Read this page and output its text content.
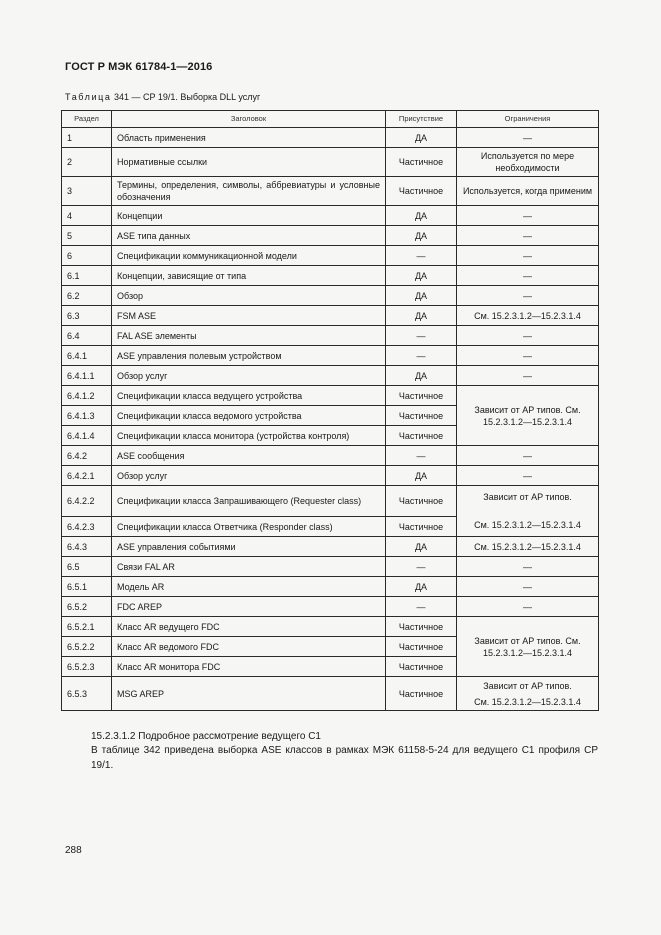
ГОСТ Р МЭК 61784-1—2016
Таблица 341 — CP 19/1. Выборка DLL услуг
Раздел	Заголовок	Присутствие	Ограничения
1	Область применения	ДА	—
2	Нормативные ссылки	Частичное	Используется по мере необходимости
3	Термины, определения, символы, аббревиатуры и условные обозначения	Частичное	Используется, когда применим
4	Концепции	ДА	—
5	ASE типа данных	ДА	—
6	Спецификации коммуникационной модели	—	—
6.1	Концепции, зависящие от типа	ДА	—
6.2	Обзор	ДА	—
6.3	FSM ASE	ДА	См. 15.2.3.1.2—15.2.3.1.4
6.4	FAL ASE элементы	—	—
6.4.1	ASE управления полевым устройством	—	—
6.4.1.1	Обзор услуг	ДА	—
6.4.1.2	Спецификации класса ведущего устройства	Частичное	Зависит от AP типов. См. 15.2.3.1.2—15.2.3.1.4
6.4.1.3	Спецификации класса ведомого устройства	Частичное	
6.4.1.4	Спецификации класса монитора (устройства контроля)	Частичное	
6.4.2	ASE сообщения	—	—
6.4.2.1	Обзор услуг	ДА	—
6.4.2.2	Спецификации класса Запрашивающего (Requester class)	Частичное	Зависит от AP типов.
См. 15.2.3.1.2—15.2.3.1.4

6.4.2.3	Спецификации класса Ответчика (Responder class)	Частичное	
6.4.3	ASE управления событиями	ДА	См. 15.2.3.1.2—15.2.3.1.4
6.5	Связи FAL AR	—	—
6.5.1	Модель AR	ДА	—
6.5.2	FDC AREP	—	—
6.5.2.1	Класс AR ведущего FDC	Частичное	Зависит от AP типов. См. 15.2.3.1.2—15.2.3.1.4
6.5.2.2	Класс AR ведомого FDC	Частичное	
6.5.2.3	Класс AR монитора FDC	Частичное	
6.5.3	MSG AREP	Частичное	Зависит от AP типов.
См. 15.2.3.1.2—15.2.3.1.4
15.2.3.1.2 Подробное рассмотрение ведущего C1
В таблице 342 приведена выборка ASE классов в рамках МЭК 61158-5-24 для ведущего C1 профиля CP 19/1.
288
